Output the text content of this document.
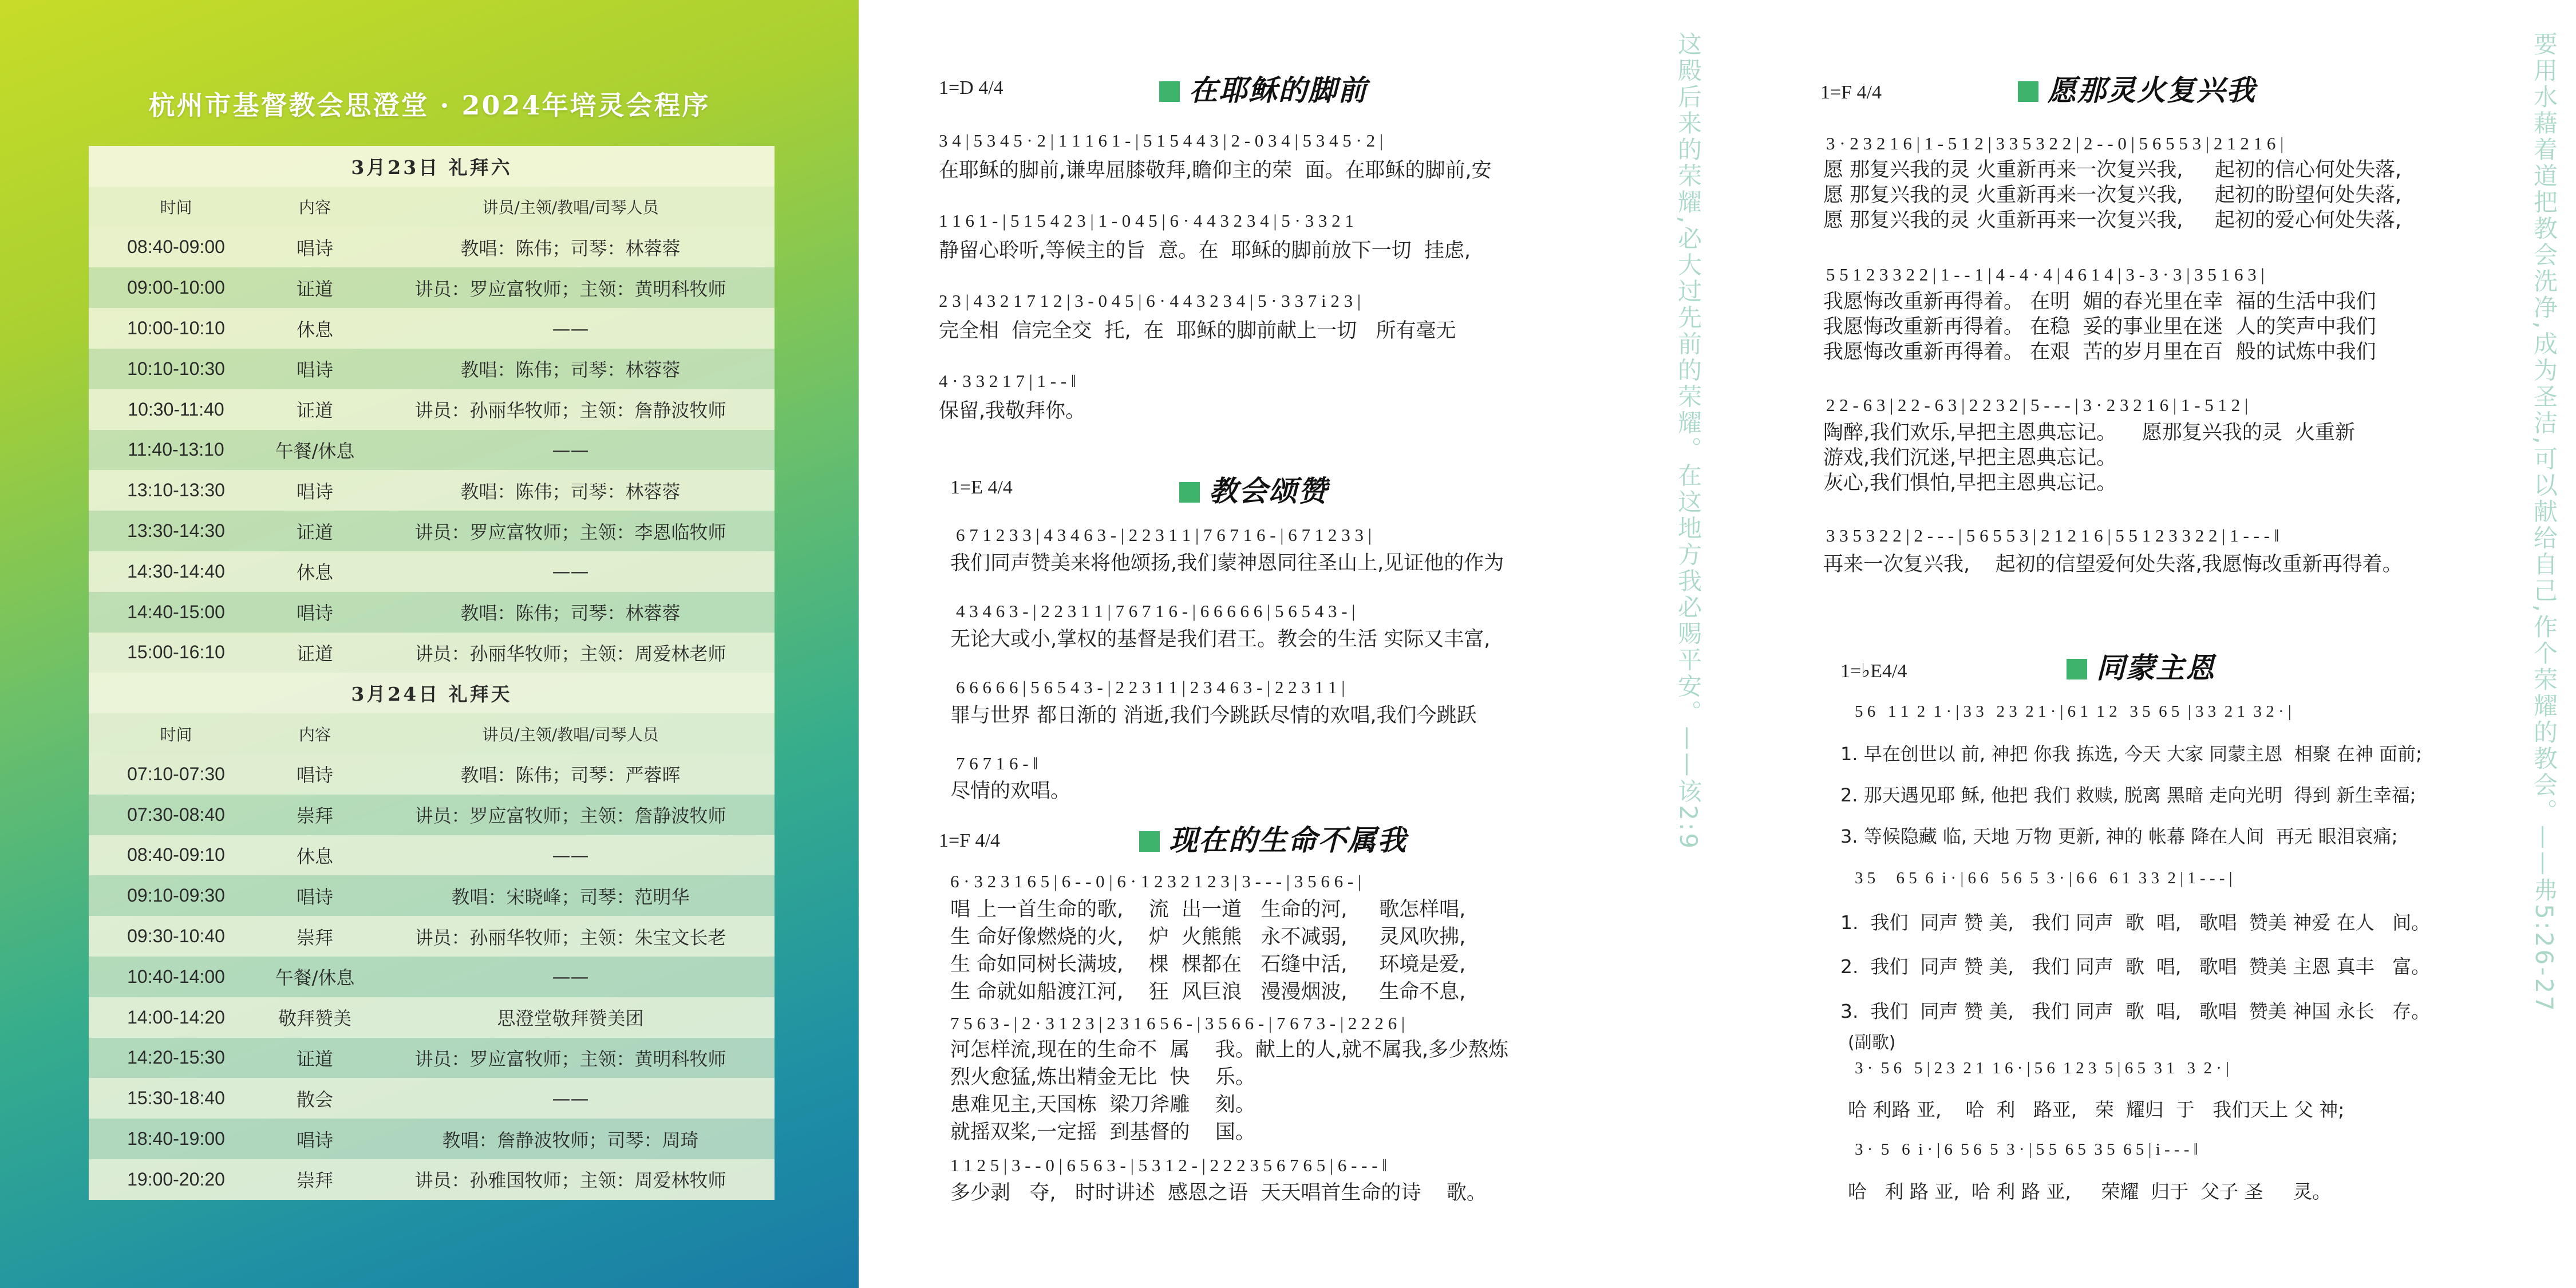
杭州市基督教会思澄堂 · 2024年培灵会程序
3月23日 礼拜六		
时间	内容	讲员/主领/教唱/司琴人员
08:40-09:00	唱诗	教唱：陈伟；司琴：林蓉蓉
09:00-10:00	证道	讲员：罗应富牧师；主领：黄明科牧师
10:00-10:10	休息	——
10:10-10:30	唱诗	教唱：陈伟；司琴：林蓉蓉
10:30-11:40	证道	讲员：孙丽华牧师；主领：詹静波牧师
11:40-13:10	午餐/休息	——
13:10-13:30	唱诗	教唱：陈伟；司琴：林蓉蓉
13:30-14:30	证道	讲员：罗应富牧师；主领：李恩临牧师
14:30-14:40	休息	——
14:40-15:00	唱诗	教唱：陈伟；司琴：林蓉蓉
15:00-16:10	证道	讲员：孙丽华牧师；主领：周爱林老师
3月24日 礼拜天		
时间	内容	讲员/主领/教唱/司琴人员
07:10-07:30	唱诗	教唱：陈伟；司琴：严蓉晖
07:30-08:40	崇拜	讲员：罗应富牧师；主领：詹静波牧师
08:40-09:10	休息	——
09:10-09:30	唱诗	教唱：宋晓峰；司琴：范明华
09:30-10:40	崇拜	讲员：孙丽华牧师；主领：朱宝文长老
10:40-14:00	午餐/休息	——
14:00-14:20	敬拜赞美	思澄堂敬拜赞美团
14:20-15:30	证道	讲员：罗应富牧师；主领：黄明科牧师
15:30-18:40	散会	——
18:40-19:00	唱诗	教唱：詹静波牧师；司琴：周琦
19:00-20:20	崇拜	讲员：孙雅国牧师；主领：周爱林牧师
1=D 4/4	在耶稣的脚前
3 4 | 5 3 4 5 · 2 | 1 1 1 6 1 - | 5 1 5 4 4 3 | 2 - 0 3 4 | 5 3 4 5 · 2 |
在耶稣的脚前,谦卑屈膝敬拜,瞻仰主的荣  面。在耶稣的脚前,安
1 1 6 1 - | 5 1 5 4 2 3 | 1 - 0 4 5 | 6 · 4 4 3 2 3 4 | 5 · 3 3 2 1
静留心聆听,等候主的旨  意。在  耶稣的脚前放下一切  挂虑,
2 3 | 4 3 2 1 7 1 2 | 3 - 0 4 5 | 6 · 4 4 3 2 3 4 | 5 · 3 3 7 i 2 3 |
完全相  信完全交  托,  在  耶稣的脚前献上一切   所有毫无
4 · 3 3 2 1 7 | 1 - - ‖
保留,我敬拜你。
1=E 4/4	教会颂赞
6 7 1 2 3 3 | 4 3 4 6 3 - | 2 2 3 1 1 | 7 6 7 1 6 - | 6 7 1 2 3 3 |
我们同声赞美来将他颂扬,我们蒙神恩同往圣山上,见证他的作为
4 3 4 6 3 - | 2 2 3 1 1 | 7 6 7 1 6 - | 6 6 6 6 6 | 5 6 5 4 3 - |
无论大或小,掌权的基督是我们君王。教会的生活 实际又丰富,
6 6 6 6 6 | 5 6 5 4 3 - | 2 2 3 1 1 | 2 3 4 6 3 - | 2 2 3 1 1 |
罪与世界 都日渐的 消逝,我们今跳跃尽情的欢唱,我们今跳跃
7 6 7 1 6 - ‖
尽情的欢唱。
1=F 4/4	现在的生命不属我
6 · 3 2 3 1 6 5 | 6 - - 0 | 6 · 1 2 3 2 1 2 3 | 3 - - - | 3 5 6 6 - |
唱 上一首生命的歌,    流  出一道   生命的河,     歌怎样唱,
生 命好像燃烧的火,    炉  火熊熊   永不减弱,     灵风吹拂,
生 命如同树长满坡,    棵  棵都在   石缝中活,     环境是爱,
生 命就如船渡江河,    狂  风巨浪   漫漫烟波,     生命不息,
7 5 6 3 - | 2 · 3 1 2 3 | 2 3 1 6 5 6 - | 3 5 6 6 - | 7 6 7 3 - | 2 2 2 6 |
河怎样流,现在的生命不  属    我。献上的人,就不属我,多少熬炼
烈火愈猛,炼出精金无比  快    乐。
患难见主,天国栋  梁刀斧雕    刻。
就摇双桨,一定摇  到基督的    国。
1 1 2 5 | 3 - - 0 | 6 5 6 3 - | 5 3 1 2 - | 2 2 2 3 5 6 7 6 5 | 6 - - - ‖
多少剥   夺,   时时讲述  感恩之语  天天唱首生命的诗    歌。
这殿后来的荣耀,必大过先前的荣耀。在这地方我必赐平安。——该2:9	1=F 4/4	愿那灵火复兴我
3 · 2 3 2 1 6 | 1 - 5 1 2 | 3 3 5 3 2 2 | 2 - - 0 | 5 6 5 5 3 | 2 1 2 1 6 |
愿 那复兴我的灵 火重新再来一次复兴我,     起初的信心何处失落,
愿 那复兴我的灵 火重新再来一次复兴我,     起初的盼望何处失落,
愿 那复兴我的灵 火重新再来一次复兴我,     起初的爱心何处失落,
5 5 1 2 3 3 2 2 | 1 - - 1 | 4 - 4 · 4 | 4 6 1 4 | 3 - 3 · 3 | 3 5 1 6 3 |
我愿悔改重新再得着。 在明  媚的春光里在幸  福的生活中我们
我愿悔改重新再得着。 在稳  妥的事业里在迷  人的笑声中我们
我愿悔改重新再得着。 在艰  苦的岁月里在百  般的试炼中我们
2 2 - 6 3 | 2 2 - 6 3 | 2 2 3 2 | 5 - - - | 3 · 2 3 2 1 6 | 1 - 5 1 2 |
陶醉,我们欢乐,早把主恩典忘记。    愿那复兴我的灵  火重新
游戏,我们沉迷,早把主恩典忘记。
灰心,我们惧怕,早把主恩典忘记。
3 3 5 3 2 2 | 2 - - - | 5 6 5 5 3 | 2 1 2 1 6 | 5 5 1 2 3 3 2 2 | 1 - - - ‖
再来一次复兴我,    起初的信望爱何处失落,我愿悔改重新再得着。
1=♭E4/4	同蒙主恩
5 6   1 1  2  1 · | 3 3   2 3  2 1 · | 6 1  1 2   3 5  6 5  | 3 3  2 1  3 2 · |
1. 早在创世以 前, 神把 你我 拣选, 今天 大家 同蒙主恩  相聚 在神 面前;
2. 那天遇见耶 稣, 他把 我们 救赎, 脱离 黑暗 走向光明  得到 新生幸福;
3. 等候隐藏 临, 天地 万物 更新, 神的 帐幕 降在人间  再无 眼泪哀痛;
3 5     6 5  6  i · | 6 6   5 6  5  3 · | 6 6   6 1  3 3  2 | 1 - - - |
1.  我们  同声 赞 美,   我们 同声  歌  唱,   歌唱  赞美 神爱 在人   间。
2.  我们  同声 赞 美,   我们 同声  歌  唱,   歌唱  赞美 主恩 真丰   富。
3.  我们  同声 赞 美,   我们 同声  歌  唱,   歌唱  赞美 神国 永长   存。
(副歌)
3 ·  5 6   5 | 2 3  2 1  1 6 · | 5 6  1 2 3  5 | 6 5  3 1   3  2 · |
哈 利路 亚,    哈  利   路亚,   荣  耀归  于   我们天上 父 神;
3 ·  5   6  i · | 6  5 6  5  3 · | 5 5  6 5  3 5  6 5 | i - - - ‖
哈   利 路 亚,  哈 利 路 亚,     荣耀  归于  父子 圣     灵。
要用水藉着道把教会洗净,成为圣洁,可以献给自己,作个荣耀的教会。——弗5:26-27
